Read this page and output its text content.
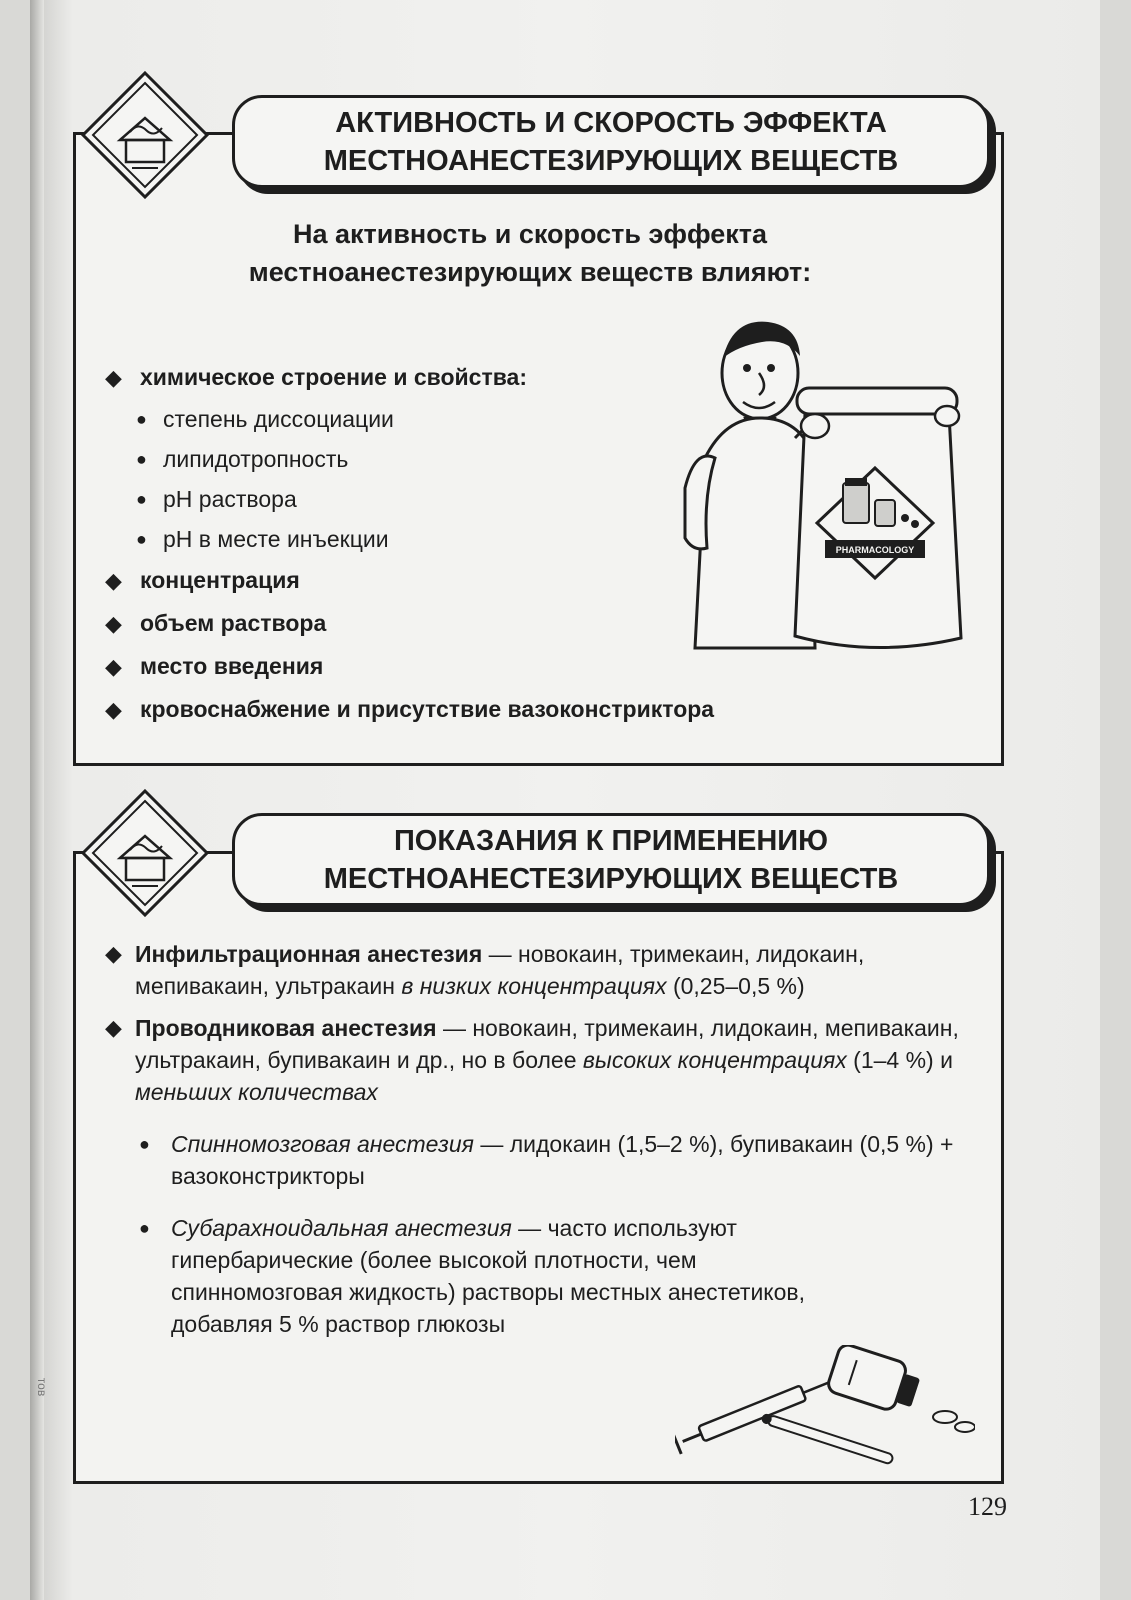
АКТИВНОСТЬ И СКОРОСТЬ ЭФФЕКТА
МЕСТНОАНЕСТЕЗИРУЮЩИХ ВЕЩЕСТВ
На активность и скорость эффекта
местноанестезирующих веществ влияют:
◆ химическое строение и свойства:
● степень диссоциации
● липидотропность
● pH раствора
● pH в месте инъекции
◆ концентрация
◆ объем раствора
◆ место введения
◆ кровоснабжение и присутствие вазоконстриктора
PHARMACOLOGY
ПОКАЗАНИЯ К ПРИМЕНЕНИЮ
МЕСТНОАНЕСТЕЗИРУЮЩИХ ВЕЩЕСТВ
◆ Инфильтрационная анестезия — новокаин, тримекаин, лидокаин, мепивакаин, ультракаин в низких концентрациях (0,25–0,5 %)
◆ Проводниковая анестезия — новокаин, тримекаин, лидокаин, мепивакаин, ультракаин, бупивакаин и др., но в более высоких концентрациях (1–4 %) и меньших количествах
● Спинномозговая анестезия — лидокаин (1,5–2 %), бупивакаин (0,5 %) + вазоконстрикторы
● Субарахноидальная анестезия — часто используют гипербарические (более высокой плотности, чем спинномозговая жидкость) растворы местных анестетиков, добавляя 5 % раствор глюкозы
129
тов
